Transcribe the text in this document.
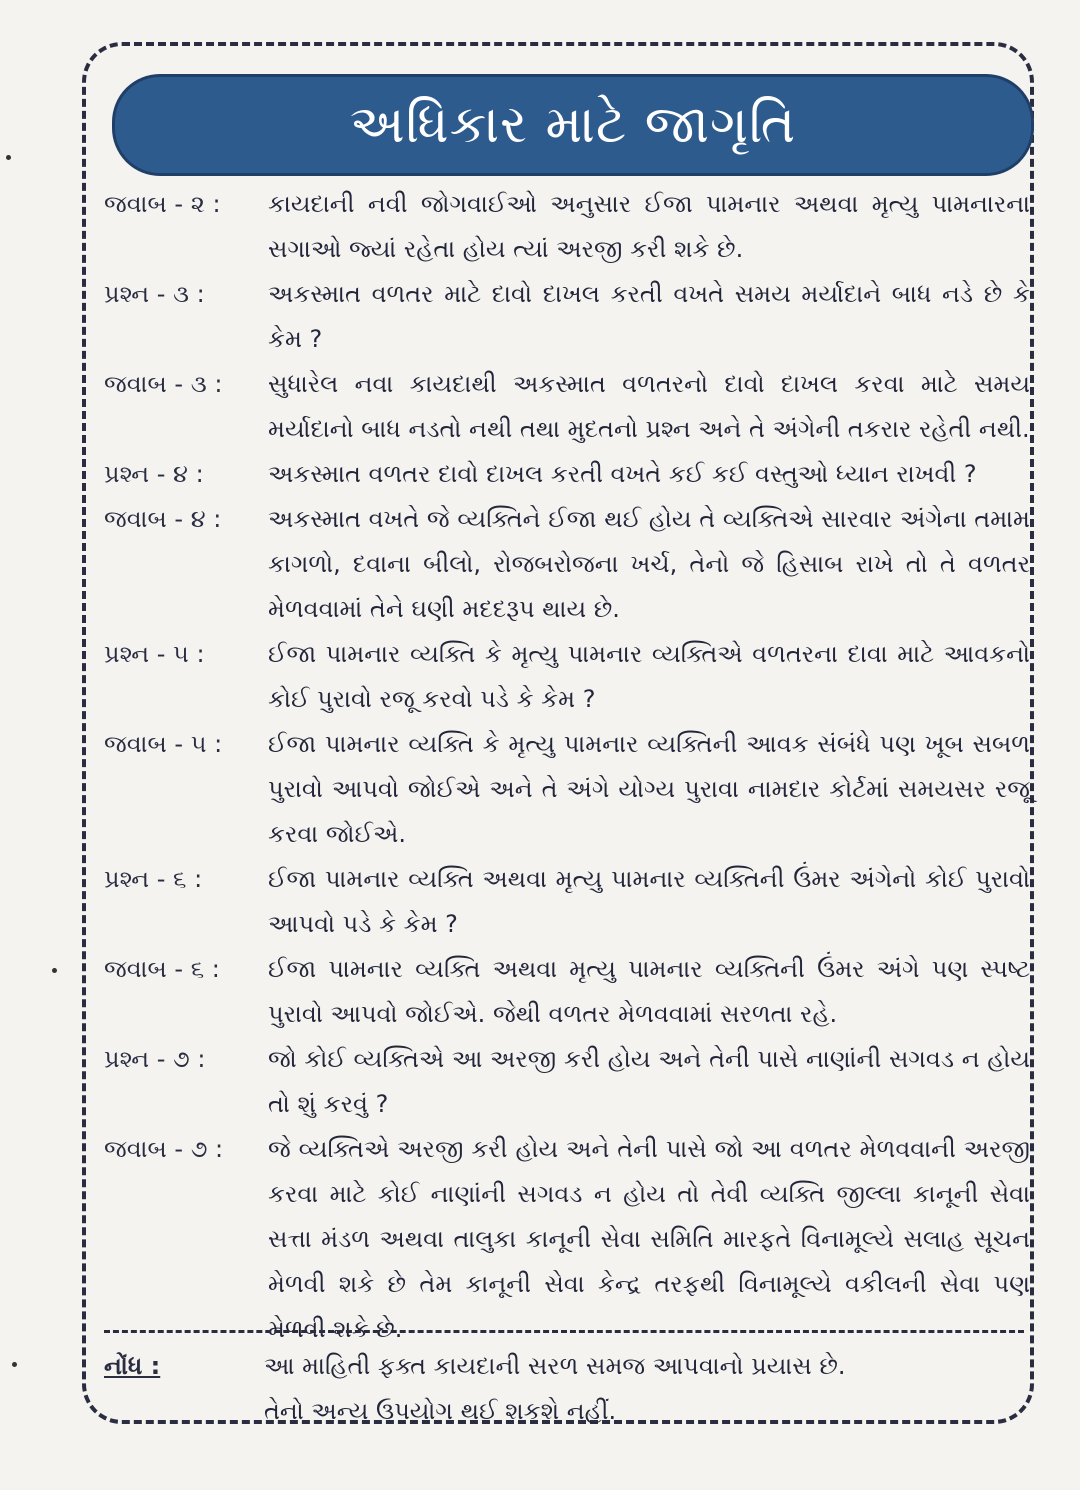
અધિકાર માટે જાગૃતિ
જવાબ - ૨ :	કાયદાની નવી જોગવાઈઓ અનુસાર ઈજા પામનાર અથવા મૃત્યુ પામનારના સગાઓ જ્યાં રહેતા હોય ત્યાં અરજી કરી શકે છે.
પ્રશ્ન - ૩ :	અકસ્માત વળતર માટે દાવો દાખલ કરતી વખતે સમય મર્યાદાને બાધ નડે છે કે કેમ ?
જવાબ - ૩ :	સુધારેલ નવા કાયદાથી અકસ્માત વળતરનો દાવો દાખલ કરવા માટે સમય મર્યાદાનો બાધ નડતો નથી તથા મુદતનો પ્રશ્ન અને તે અંગેની તકરાર રહેતી નથી.
પ્રશ્ન - ૪ :	અકસ્માત વળતર દાવો દાખલ કરતી વખતે કઈ કઈ વસ્તુઓ ધ્યાન રાખવી ?
જવાબ - ૪ :	અકસ્માત વખતે જે વ્યક્તિને ઈજા થઈ હોય તે વ્યક્તિએ સારવાર અંગેના તમામ કાગળો, દવાના બીલો, રોજબરોજના ખર્ચ, તેનો જે હિસાબ રાખે તો તે વળતર મેળવવામાં તેને ઘણી મદદરૂપ થાય છે.
પ્રશ્ન - ૫ :	ઈજા પામનાર વ્યક્તિ કે મૃત્યુ પામનાર વ્યક્તિએ વળતરના દાવા માટે આવકનો કોઈ પુરાવો રજૂ કરવો પડે કે કેમ ?
જવાબ - ૫ :	ઈજા પામનાર વ્યક્તિ કે મૃત્યુ પામનાર વ્યક્તિની આવક સંબંધે પણ ખૂબ સબળ પુરાવો આપવો જોઈએ અને તે અંગે યોગ્ય પુરાવા નામદાર કોર્ટમાં સમયસર રજૂ કરવા જોઈએ.
પ્રશ્ન - ૬ :	ઈજા પામનાર વ્યક્તિ અથવા મૃત્યુ પામનાર વ્યક્તિની ઉંમર અંગેનો કોઈ પુરાવો આપવો પડે કે કેમ ?
જવાબ - ૬ :	ઈજા પામનાર વ્યક્તિ અથવા મૃત્યુ પામનાર વ્યક્તિની ઉંમર અંગે પણ સ્પષ્ટ પુરાવો આપવો જોઈએ. જેથી વળતર મેળવવામાં સરળતા રહે.
પ્રશ્ન - ૭ :	જો કોઈ વ્યક્તિએ આ અરજી કરી હોય અને તેની પાસે નાણાંની સગવડ ન હોય તો શું કરવું ?
જવાબ - ૭ :	જે વ્યક્તિએ અરજી કરી હોય અને તેની પાસે જો આ વળતર મેળવવાની અરજી કરવા માટે કોઈ નાણાંની સગવડ ન હોય તો તેવી વ્યક્તિ જીલ્લા કાનૂની સેવા સત્તા મંડળ અથવા તાલુકા કાનૂની સેવા સમિતિ મારફતે વિનામૂલ્યે સલાહ સૂચન મેળવી શકે છે તેમ કાનૂની સેવા કેન્દ્ર તરફથી વિનામૂલ્યે વકીલની સેવા પણ મેળવી શકે છે.
નોંધ :	આ માહિતી ફક્ત કાયદાની સરળ સમજ આપવાનો પ્રયાસ છે.
તેનો અન્ય ઉપયોગ થઈ શકશે નહીં.
